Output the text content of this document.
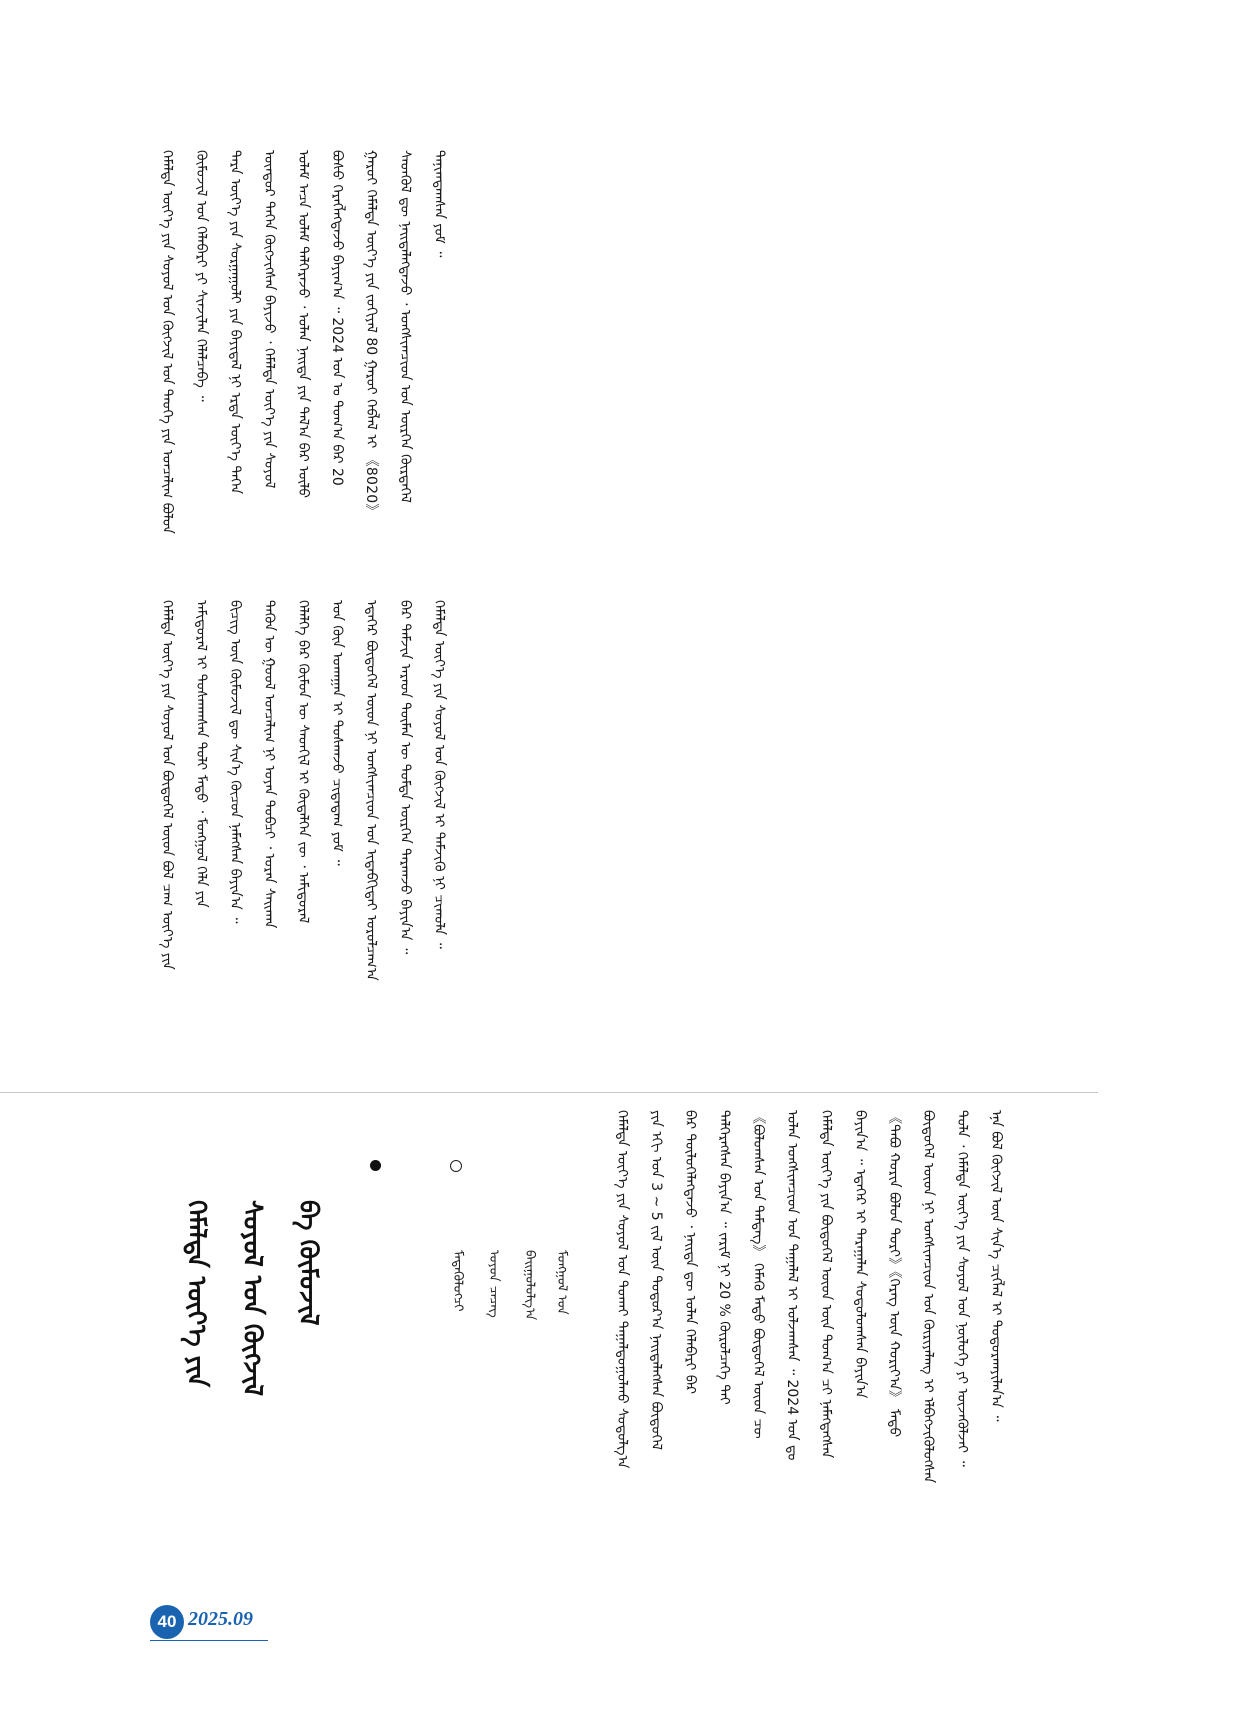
ᠬᠡᠮᠡᠯᠲᠡ ᠦᠶ᠎ᠡ ᠶᠢᠨ ᠰᠣᠶᠣᠯ ᠤᠨ ᠬᠥᠭᠵᠢᠯ ᠤᠨ ᠲᠡᠦᠬᠡ ᠶᠢᠨ ᠣᠨᠴᠠᠯᠢᠭ ᠪᠣᠯᠣᠨ	ᠬᠥᠮᠦᠵᠢᠯ ᠤᠨ ᠬᠡᠯᠡᠪᠡᠷᠢ ᠶᠢ ᠰᠢᠨᠵᠢᠯᠡᠨ ᠬᠡᠯᠡᠯᠴᠡᠪᠡ ᠃	ᠲᠡᠷᠡ ᠦᠶ᠎ᠡ ᠶᠢᠨ ᠰᠤᠷᠭᠠᠭᠤᠯᠢ ᠶᠢᠨ ᠪᠠᠶᠢᠳᠠᠯ ᠨᠢ ᠡᠷᠲᠡ ᠦᠶ᠎ᠡ ᠳᠡᠭᠡᠨ	ᠥᠨᠳᠦᠷ ᠳᠡᠭᠡᠨ ᠬᠥᠭᠵᠢᠭᠰᠡᠨ ᠪᠠᠶᠢᠵᠤ ᠂ ᠬᠡᠮᠡᠯᠲᠡ ᠦᠶ᠎ᠡ ᠶᠢᠨ ᠰᠣᠶᠣᠯ	ᠤᠯᠠᠮ ᠠᠴᠠ ᠤᠯᠠᠮ ᠳᠡᠯᠭᠡᠷᠡᠵᠦ ᠂ ᠣᠯᠠᠨ ᠨᠡᠢᠲᠡ ᠶᠢᠨ ᠲᠠᠯ᠎ᠠ ᠪᠠᠷ ᠦᠯᠦ	ᠪᠤᠰᠤ ᠬᠡᠷᠡᠭᠯᠡᠭᠳᠡᠵᠦ ᠪᠠᠶᠢᠭ᠎ᠠ ᠃ 2024 ᠣᠨ ᠤ ᠲᠣᠭ᠎ᠠ ᠪᠠᠷ 20	ᠭᠠᠷᠤᠶ ᠬᠡᠮᠡᠯᠲᠡ ᠦᠶ᠎ᠡ ᠶᠢᠨ ᠵᠣᠬᠢᠶᠠᠯ 80 ᠭᠠᠷᠤᠶ ᠬᠡᠪᠯᠡᠯ ᠢ 《8020》	ᠰᠡᠳᠬᠦᠯ ᠳᠦ ᠨᠡᠢᠲᠡᠯᠡᠭᠳᠡᠵᠦ ᠂ ᠤᠩᠰᠢᠭᠴᠢᠳ ᠤᠨ ᠥᠷᠭᠡᠨ ᠬᠦᠷᠲᠡᠭᠡᠯ	ᠲᠠᠨᠢᠭᠳᠠᠭᠰᠠᠨ ᠶᠤᠮ ᠃
ᠬᠡᠮᠡᠯᠲᠡ ᠦᠶ᠎ᠡ ᠶᠢᠨ ᠰᠣᠶᠣᠯ ᠤᠨ ᠪᠦᠲᠦᠭᠡᠯ ᠦᠳ ᠪᠣᠯ ᠴᠠᠭ ᠦᠶ᠎ᠡ ᠶᠢᠨ	ᠠᠮᠢᠳᠤᠷᠠᠯ ᠢ ᠲᠤᠰᠬᠠᠭᠰᠠᠨ ᠲᠣᠯᠢ ᠮᠡᠲᠦ ᠂ ᠮᠣᠩᠭᠣᠯ ᠬᠡᠯᠡ ᠶᠢᠨ	ᠪᠢᠴᠢᠭ ᠦᠨ ᠬᠥᠮᠦᠵᠢᠯ ᠳᠦ ᠰᠢᠨ᠎ᠡ ᠬᠦᠴᠦᠨ ᠨᠡᠮᠡᠭᠰᠡᠨ ᠪᠠᠶᠢᠨ᠎ᠠ ᠃	ᠲᠡᠭᠦᠨ ᠦ ᠭᠣᠣᠯ ᠣᠨᠴᠠᠯᠢᠭ ᠨᠢ ᠤᠶᠠᠨ ᠲᠣᠪᠴᠢ ᠂ ᠤᠷᠠᠨ ᠰᠠᠢᠬᠠᠨ	ᠬᠡᠯᠡᠯᠭᠡ ᠪᠡᠷ ᠬᠦᠮᠦᠨ ᠦ ᠰᠡᠳᠬᠢᠯ ᠢ ᠬᠥᠳᠡᠯᠭᠡᠨ ᠵᠦ ᠂ ᠠᠮᠢᠳᠤᠷᠠᠯ	ᠤᠨ ᠭᠦᠨ ᠤᠬᠠᠭᠠᠨ ᠢ ᠲᠤᠰᠬᠠᠵᠤ ᠴᠢᠳᠠᠳᠠᠭ ᠶᠤᠮ ᠃	ᠡᠳᠡᠭᠡᠷ ᠪᠦᠲᠦᠭᠡᠯ ᠦᠳ ᠨᠢ ᠤᠩᠰᠢᠭᠴᠢᠳ ᠤᠨ ᠢᠳᠡᠪᠬᠢᠲᠡᠢ ᠣᠷᠣᠯᠴᠠᠭ᠎ᠠ	ᠪᠠᠷ ᠳᠠᠮᠵᠢᠨ ᠠᠷᠠᠳ ᠲᠦᠮᠡᠨ ᠦ ᠳᠤᠮᠳᠠ ᠥᠷᠭᠡᠨ ᠲᠠᠷᠬᠠᠵᠤ ᠪᠠᠶᠢᠨ᠎ᠠ ᠃	ᠬᠡᠮᠡᠯᠲᠡ ᠦᠶ᠎ᠡ ᠶᠢᠨ ᠰᠣᠶᠣᠯ ᠤᠨ ᠬᠥᠭᠵᠢᠯ ᠢ ᠳᠡᠮᠵᠢᠬᠦ ᠨᠢ ᠴᠢᠬᠤᠯᠠ ᠃
ᠬᠡᠮᠡᠯᠲᠡ ᠦᠶ᠎ᠡ ᠶᠢᠨ ᠰᠣᠶᠣᠯ ᠤᠨ ᠲᠤᠬᠠᠢ ᠳᠠᠭᠠᠯᠳᠤᠭᠤᠯᠬᠤ ᠰᠤᠳᠤᠯᠭ᠎ᠠ	ᠶᠢᠨ ᠡᠬᠢ ᠣᠨ 3 ~ 5 ᠵᠢᠯ ᠦᠨ ᠳᠣᠲᠣᠷ᠎ᠠ ᠨᠡᠢᠲᠡᠯᠡᠭᠰᠡᠨ ᠪᠦᠲᠦᠭᠡᠯ	ᠪᠡᠷ ᠲᠥᠯᠦᠭᠡᠯᠡᠭᠳᠡᠵᠦ ᠂ ᠨᠡᠢᠲᠡ ᠳᠦ ᠣᠯᠠᠨ ᠬᠡᠯᠡᠪᠡᠷᠢ ᠪᠡᠷ	ᠳᠡᠯᠭᠡᠷᠡᠭᠰᠡᠨ ᠪᠠᠶᠢᠨ᠎ᠠ ᠃ ᠵᠠᠷᠢᠮ ᠨᠢ 20 % ᠬᠦᠷᠦᠯᠴᠡᠭᠡ ᠲᠠᠢ	《ᠪᠣᠯᠣᠭᠰᠠᠨ ᠤᠨ ᠲᠡᠮᠳᠡᠭ》 ᠬᠡᠮᠡᠬᠦ ᠮᠡᠲᠦ ᠪᠦᠲᠦᠭᠡᠯ ᠦᠳ ᠴᠦ	ᠣᠯᠠᠨ ᠤᠩᠰᠢᠭᠴᠢᠳ ᠤᠨ ᠲᠠᠭᠠᠯᠠᠯ ᠢ ᠣᠯᠵᠠᠭᠰᠠᠨ ᠃ 2024 ᠣᠨ ᠳᠤ	ᠬᠡᠮᠡᠯᠲᠡ ᠦᠶ᠎ᠡ ᠶᠢᠨ ᠪᠦᠲᠦᠭᠡᠯ ᠦᠳ ᠦᠨ ᠲᠣᠭ᠎ᠠ ᠴᠢ ᠨᠡᠮᠡᠭᠳᠡᠭᠰᠡᠨ	ᠪᠠᠶᠢᠨ᠎ᠠ ᠃ ᠡᠳᠡᠭᠡᠷ ᠢ ᠳᠠᠷᠠᠭᠠᠯᠠᠨ ᠰᠤᠳᠤᠯᠤᠭᠰᠠᠨ ᠪᠠᠶᠢᠨ᠎ᠠ	《ᠲᠠᠪᠤ ᠬᠣᠷᠢᠨ ᠪᠣᠯᠣᠨ ᠲᠣᠷᠢ》《ᠬᠡᠷᠡᠭ ᠦᠨ ᠬᠣᠷᠢᠶ᠎ᠠ》 ᠮᠡᠲᠦ	ᠪᠦᠲᠦᠭᠡᠯ ᠦᠳ ᠨᠢ ᠤᠩᠰᠢᠭᠴᠢᠳ ᠤᠨ ᠬᠦᠷᠢᠶᠡᠯᠡᠩ ᠢ ᠡᠯᠪᠡᠭᠵᠢᠭᠦᠯᠦᠭᠰᠡᠨ	ᠲᠤᠯᠠ ᠂ ᠬᠡᠮᠡᠯᠲᠡ ᠦᠶ᠎ᠡ ᠶᠢᠨ ᠰᠣᠶᠣᠯ ᠤᠨ ᠨᠥᠯᠦᠭᠡ ᠶᠢ ᠦᠵᠡᠭᠦᠯᠵᠡᠶ ᠃	ᠡᠨᠡ ᠪᠣᠯ ᠬᠥᠭᠵᠢᠯ ᠦᠨ ᠰᠢᠨ᠎ᠡ ᠴᠢᠭᠯᠡᠯ ᠢ ᠲᠣᠳᠣᠷᠬᠠᠶᠢᠯᠠᠨ᠎ᠠ ᠃
ᠬᠡᠮᠡᠯᠲᠡ ᠦᠶ᠎ᠡ ᠶᠢᠨ	ᠰᠣᠶᠣᠯ ᠤᠨ ᠬᠥᠭᠵᠢᠯ	ᠪᠠ ᠬᠥᠮᠦᠵᠢᠯ	ᠮᠡᠳᠡᠭᠦᠯᠦᠭᠴᠢ	ᠣᠶᠤᠨ ᠴᠡᠴᠡᠭ	ᠪᠠᠢᠭᠤᠯᠤᠯᠭ᠎ᠠ	ᠮᠣᠩᠭᠣᠯ ᠤᠨ
40 2025.09
